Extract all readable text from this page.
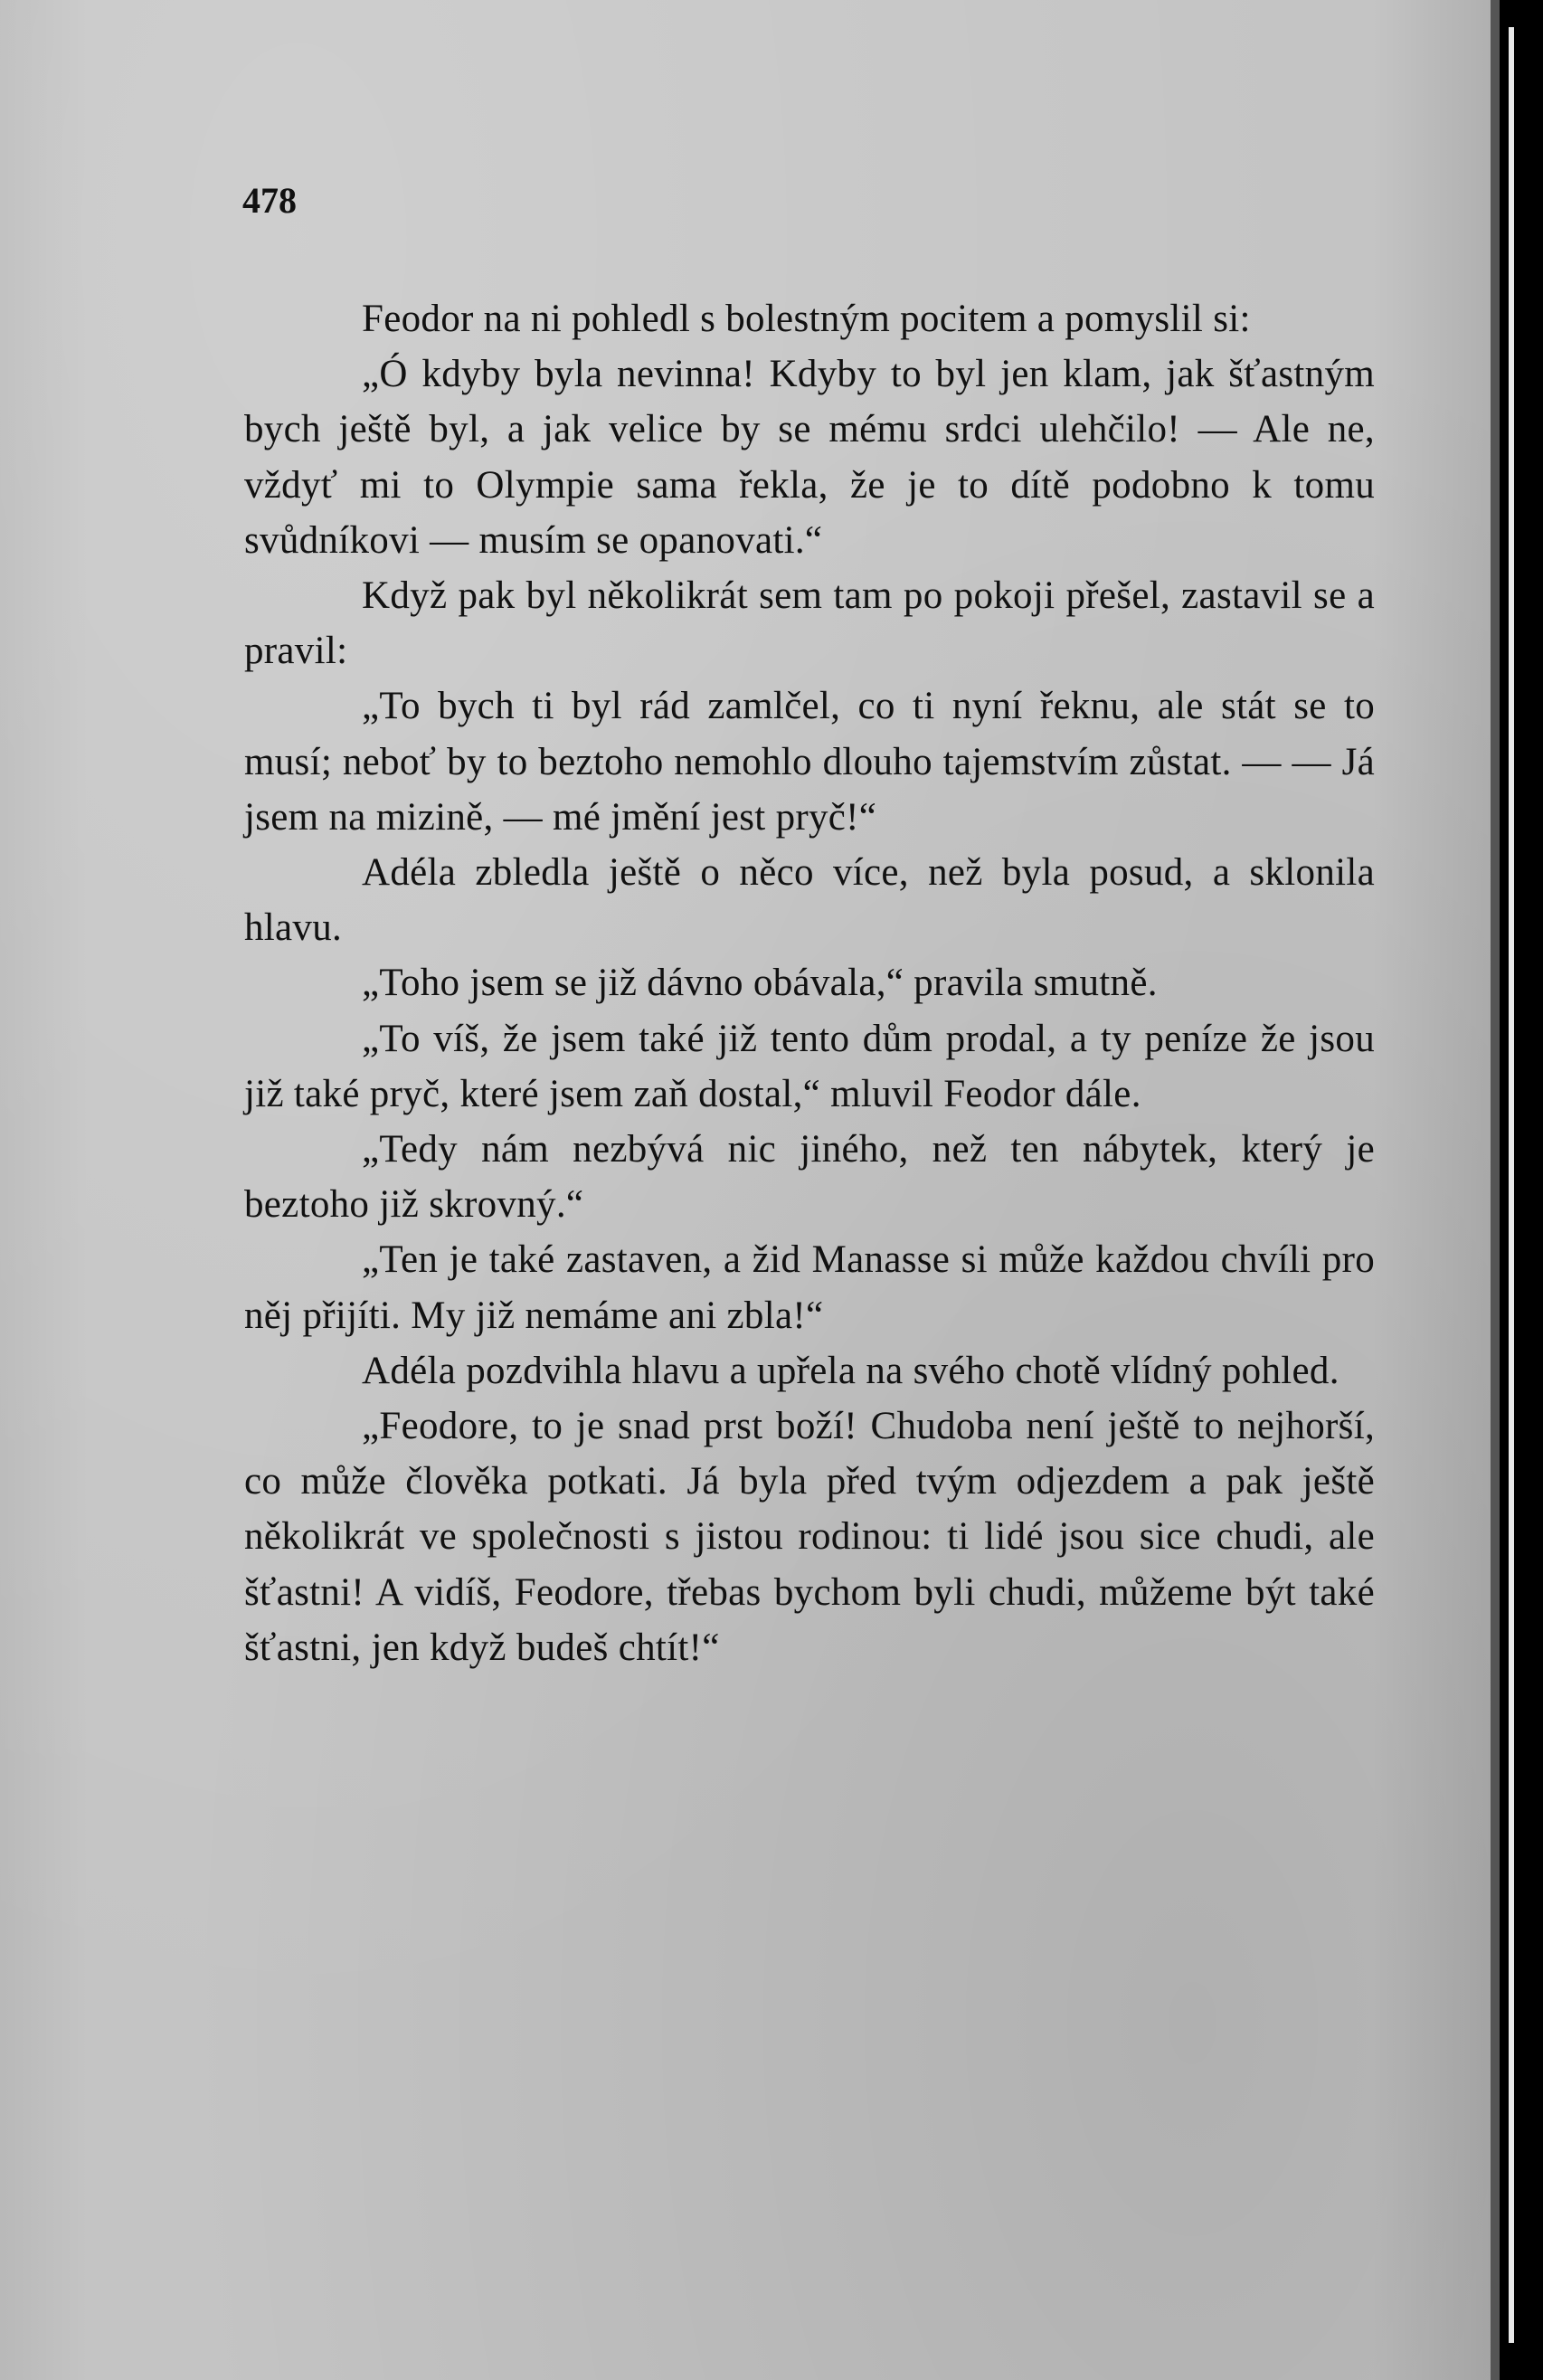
478

Feodor na ni pohledl s bolestným pocitem a pomyslil si:

„Ó kdyby byla nevinna! Kdyby to byl jen klam, jak šťastným bych ještě byl, a jak velice by se mému srdci ulehčilo! — Ale ne, vždyť mi to Olympie sama řekla, že je to dítě podobno k tomu svůdníkovi — musím se opanovati.“

Když pak byl několikrát sem tam po pokoji přešel, zastavil se a pravil:

„To bych ti byl rád zamlčel, co ti nyní řeknu, ale stát se to musí; neboť by to beztoho nemohlo dlouho tajemstvím zůstat. — — Já jsem na mizině, — mé jmění jest pryč!“

Adéla zbledla ještě o něco více, než byla posud, a sklonila hlavu.

„Toho jsem se již dávno obávala,“ pravila smutně.

„To víš, že jsem také již tento dům prodal, a ty peníze že jsou již také pryč, které jsem zaň dostal,“ mluvil Feodor dále.

„Tedy nám nezbývá nic jiného, než ten nábytek, který je beztoho již skrovný.“

„Ten je také zastaven, a žid Manasse si může každou chvíli pro něj přijíti. My již nemáme ani zbla!“

Adéla pozdvihla hlavu a upřela na svého chotě vlídný pohled.

„Feodore, to je snad prst boží! Chudoba není ještě to nejhorší, co může člověka potkati. Já byla před tvým odjezdem a pak ještě několikrát ve společnosti s jistou rodinou: ti lidé jsou sice chudi, ale šťastni! A vidíš, Feodore, třebas bychom byli chudi, můžeme být také šťastni, jen když budeš chtít!“
